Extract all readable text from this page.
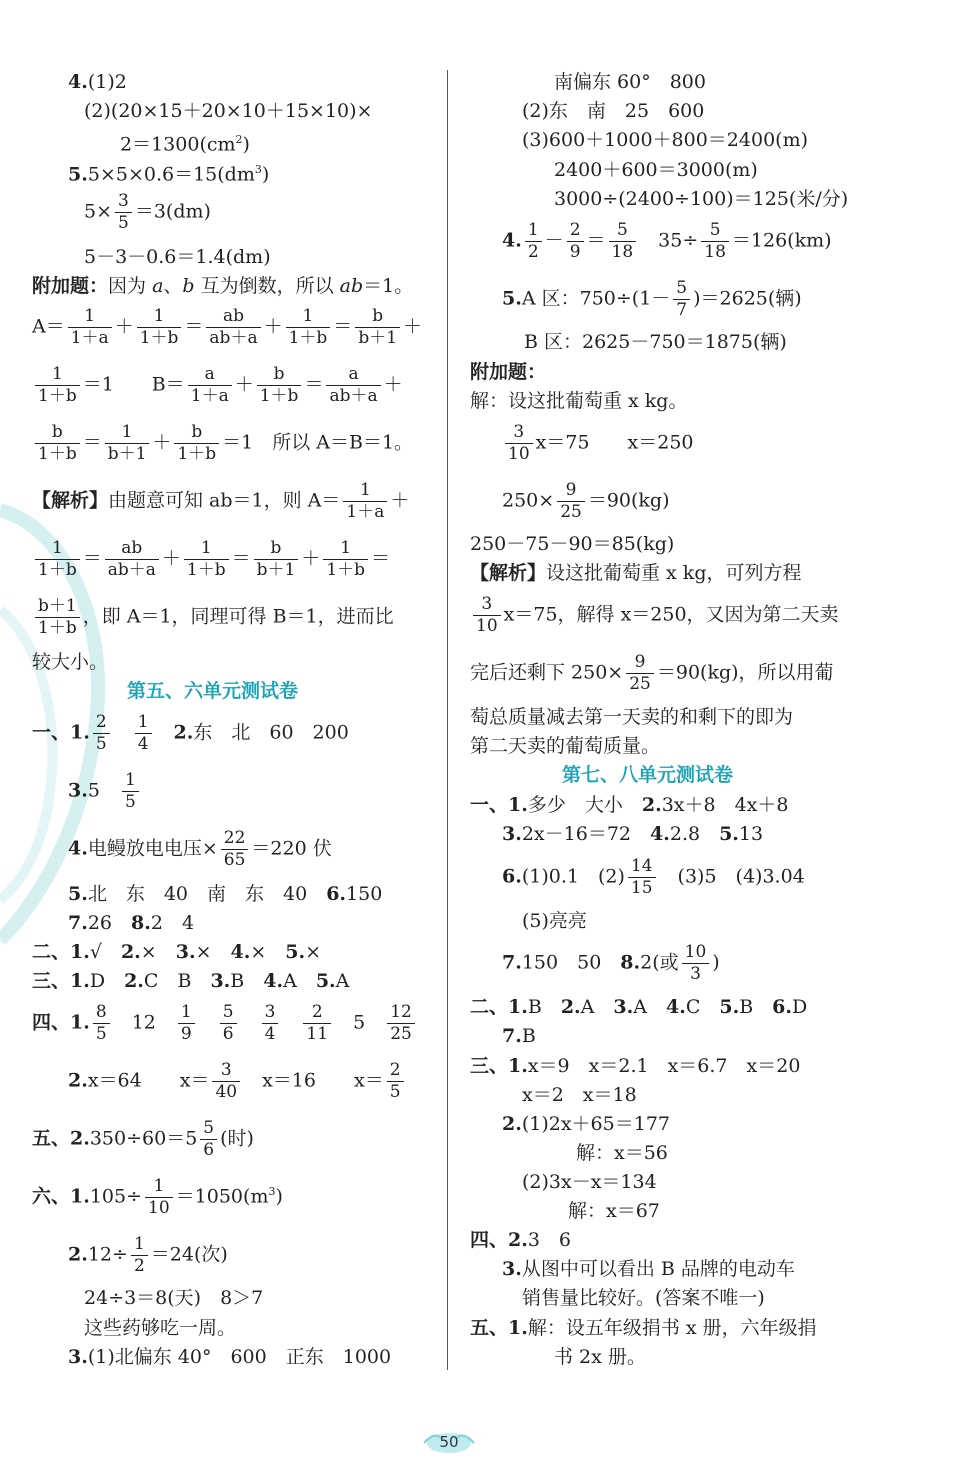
4.(1)2
(2)(20×15＋20×10＋15×10)×
$2=1300(cm^2)$
$5.5\times 5\times 0.6=15(dm^3)$
$5\times \frac{3}{5} =3(dm)$
5－3－0.6＝1.4(dm)
附加题：因为 a、b 互为倒数，所以 ab＝1。
$A= \frac{1}{1+a} + \frac{1}{1+b} = \frac{ab}{ab+a} + \frac{1}{1+b} = \frac{b}{b+1}$ ＋
$\frac{1}{1+b} =1$　　$B= \frac{a}{1+a} + \frac{b}{1+b} = \frac{a}{ab+a}$ ＋
$\frac{b}{1+b} = \frac{1}{b+1} + \frac{b}{1+b} =1$　所以 A＝B＝1。
【解析】由题意可知 ab＝1，则 $A= \frac{1}{1+a}$ ＋
$\frac{1}{1+b} = \frac{ab}{ab+a} + \frac{1}{1+b} = \frac{b}{b+1} + \frac{1}{1+b}$ ＝
$\frac{b+1}{1+b}$ ，即 A＝1，同理可得 B＝1，进而比
较大小。
第五、六单元测试卷
一、1. $\frac{2}{5}$
　 $\frac{1}{4}$
　 2.东　北　60　200
3.5　 $\frac{1}{5}$
4.电鳗放电电压× $\frac{22}{65} =220$ 伏
5.北　东　40　南　东　40　6.150
7.26　8.2　4
二、1.√　2.×　3.×　4.×　5.×
三、1.D　2.C　B　3.B　4.A　5.A
四、1. $\frac{8}{5}$
　 12　 $\frac{1}{9}$
　 $\frac{5}{6}$
　 $\frac{3}{4}$
　 $\frac{2}{11}$
　 5　 $\frac{12}{25}$
2.x＝64　　$x= \frac{3}{40}$ 　x＝16　　$x= \frac{2}{5}$
五、$2.350\div 60=5 \frac{5}{6}$ (时)
六、$1.105\div \frac{1}{10} =1050(m^3)$
$2.12\div \frac{1}{2} =24$(次)
24÷3＝8(天)　8＞7
这些药够吃一周。
3.(1)北偏东 40°　600　正东　1000
南偏东 60°　800
(2)东　南　25　600
(3)600＋1000＋800＝2400(m)
2400＋600＝3000(m)
3000÷(2400÷100)＝125(米/分)
4. $\frac{1}{2} - \frac{2}{9} = \frac{5}{18}$ 　$35\div \frac{5}{18} =126(km)$
5.A 区：$750\div(1- \frac{5}{7} )=2625$(辆)
B 区：2625－750＝1875(辆)
附加题：
解：设这批葡萄重 x kg。
$\frac{3}{10} x=75$　　x＝250
$250\times \frac{9}{25} =90(kg)$
250－75－90＝85(kg)
【解析】设这批葡萄重 x kg，可列方程
$\frac{3}{10} x=75$，解得 x＝250，又因为第二天卖
完后还剩下 $250\times \frac{9}{25} =90(kg)$，所以用葡
萄总质量减去第一天卖的和剩下的即为
第二天卖的葡萄质量。
第七、八单元测试卷
一、1.多少　大小　2.3x＋8　4x＋8
3.2x－16＝72　4.2.8　5.13
6.(1)0.1　$(2) \frac{14}{15}$ 　(3)5　(4)3.04
(5)亮亮
7.150　50　8.2(或 $\frac{10}{3}$ )
二、1.B　2.A　3.A　4.C　5.B　6.D
7.B
三、1.x＝9　x＝2.1　x＝6.7　x＝20
x＝2　x＝18
2.(1)2x＋65＝177
解：x＝56
(2)3x－x＝134
解：x＝67
四、2.3　6
3.从图中可以看出 B 品牌的电动车
销售量比较好。(答案不唯一)
五、1.解：设五年级捐书 x 册，六年级捐
书 2x 册。
50
